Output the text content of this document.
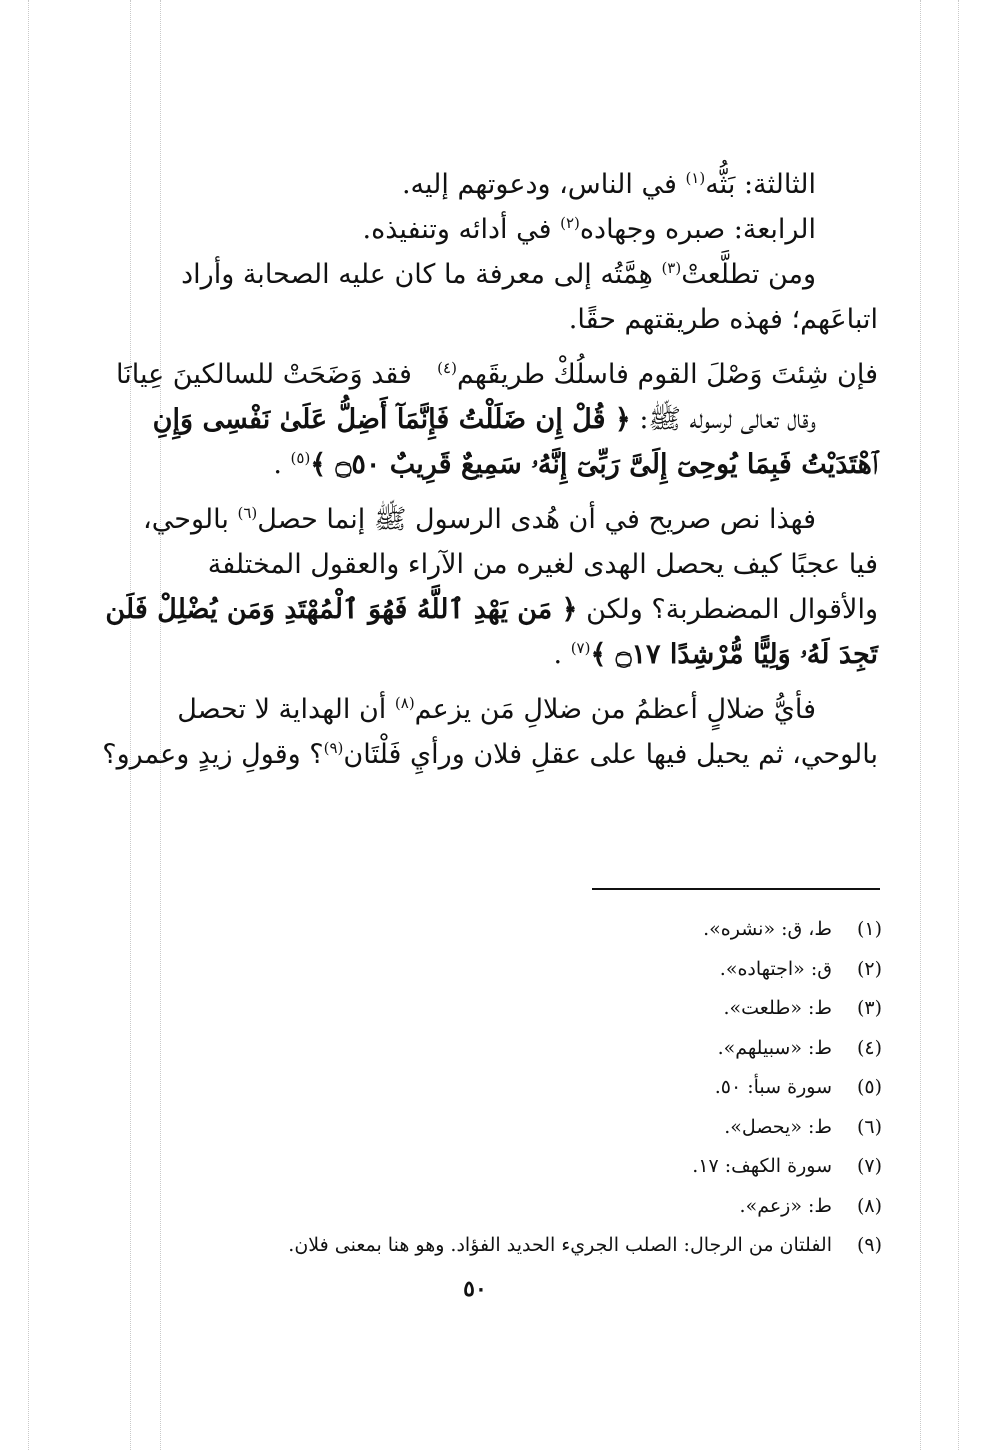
الثالثة: بَثُّه$^{(١)}$ في الناس، ودعوتهم إليه.

الرابعة: صبره وجهاده$^{(٢)}$ في أدائه وتنفيذه.

ومن تطلَّعتْ$^{(٣)}$ هِمَّتُه إلى معرفة ما كان عليه الصحابة وأراد
اتباعَهم؛ فهذه طريقتهم حقًا.

فإن شِئتَ وَصْلَ القوم فاسلُكْ طريقَهم$^{(٤)}$
فقد وَضَحَتْ للسالكينَ عِيانَا

وقال تعالى لرسوله ﷺ: ﴿ قُلْ إِن ضَلَلْتُ فَإِنَّمَآ أَضِلُّ عَلَىٰ نَفْسِى وَإِنِ
ٱهْتَدَيْتُ فَبِمَا يُوحِىٓ إِلَىَّ رَبِّىٓ إِنَّهُۥ سَمِيعٌ قَرِيبٌ ۝٥٠ ﴾$^{(٥)}$ .

فهذا نص صريح في أن هُدى الرسول ﷺ إنما حصل$^{(٦)}$ بالوحي،
فيا عجبًا كيف يحصل الهدى لغيره من الآراء والعقول المختلفة
والأقوال المضطربة؟ ولكن ﴿ مَن يَهْدِ ٱللَّهُ فَهُوَ ٱلْمُهْتَدِ وَمَن يُضْلِلْ فَلَن
تَجِدَ لَهُۥ وَلِيًّا مُّرْشِدًا ۝١٧ ﴾$^{(٧)}$ .

فأيُّ ضلالٍ أعظمُ من ضلالِ مَن يزعم$^{(٨)}$ أن الهداية لا تحصل
بالوحي، ثم يحيل فيها على عقلِ فلان ورأيِ فَلْتَان$^{(٩)}$؟ وقولِ زيدٍ وعمرو؟

(١)
ط، ق: «نشره».
(٢)
ق: «اجتهاده».
(٣)
ط: «طلعت».
(٤)
ط: «سبيلهم».
(٥)
سورة سبأ: ٥٠.
(٦)
ط: «يحصل».
(٧)
سورة الكهف: ١٧.
(٨)
ط: «زعم».
(٩)
الفلتان من الرجال: الصلب الجريء الحديد الفؤاد. وهو هنا بمعنى فلان.
٥٠
